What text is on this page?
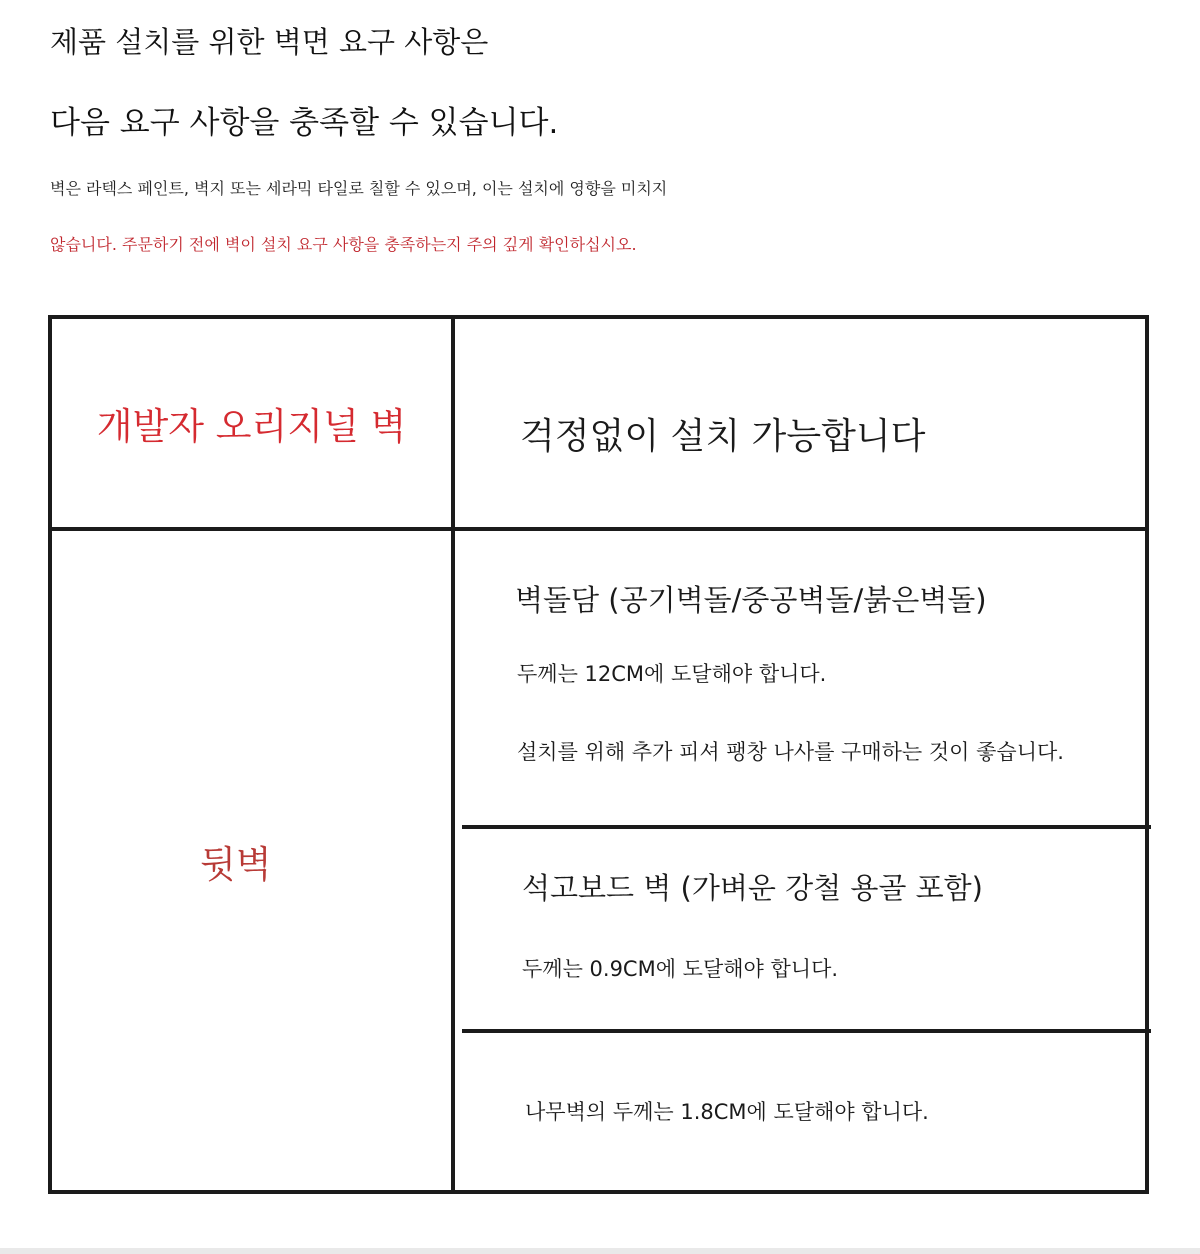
제품 설치를 위한 벽면 요구 사항은
다음 요구 사항을 충족할 수 있습니다.

벽은 라텍스 페인트, 벽지 또는 세라믹 타일로 칠할 수 있으며, 이는 설치에 영향을 미치지

않습니다. 주문하기 전에 벽이 설치 요구 사항을 충족하는지 주의 깊게 확인하십시오.

개발자 오리지널 벽	걱정없이 설치 가능합니다

뒷벽

벽돌담 (공기벽돌/중공벽돌/붉은벽돌)

두께는 12CM에 도달해야 합니다.

설치를 위해 추가 피셔 팽창 나사를 구매하는 것이 좋습니다.

석고보드 벽 (가벼운 강철 용골 포함)

두께는 0.9CM에 도달해야 합니다.

나무벽의 두께는 1.8CM에 도달해야 합니다.
